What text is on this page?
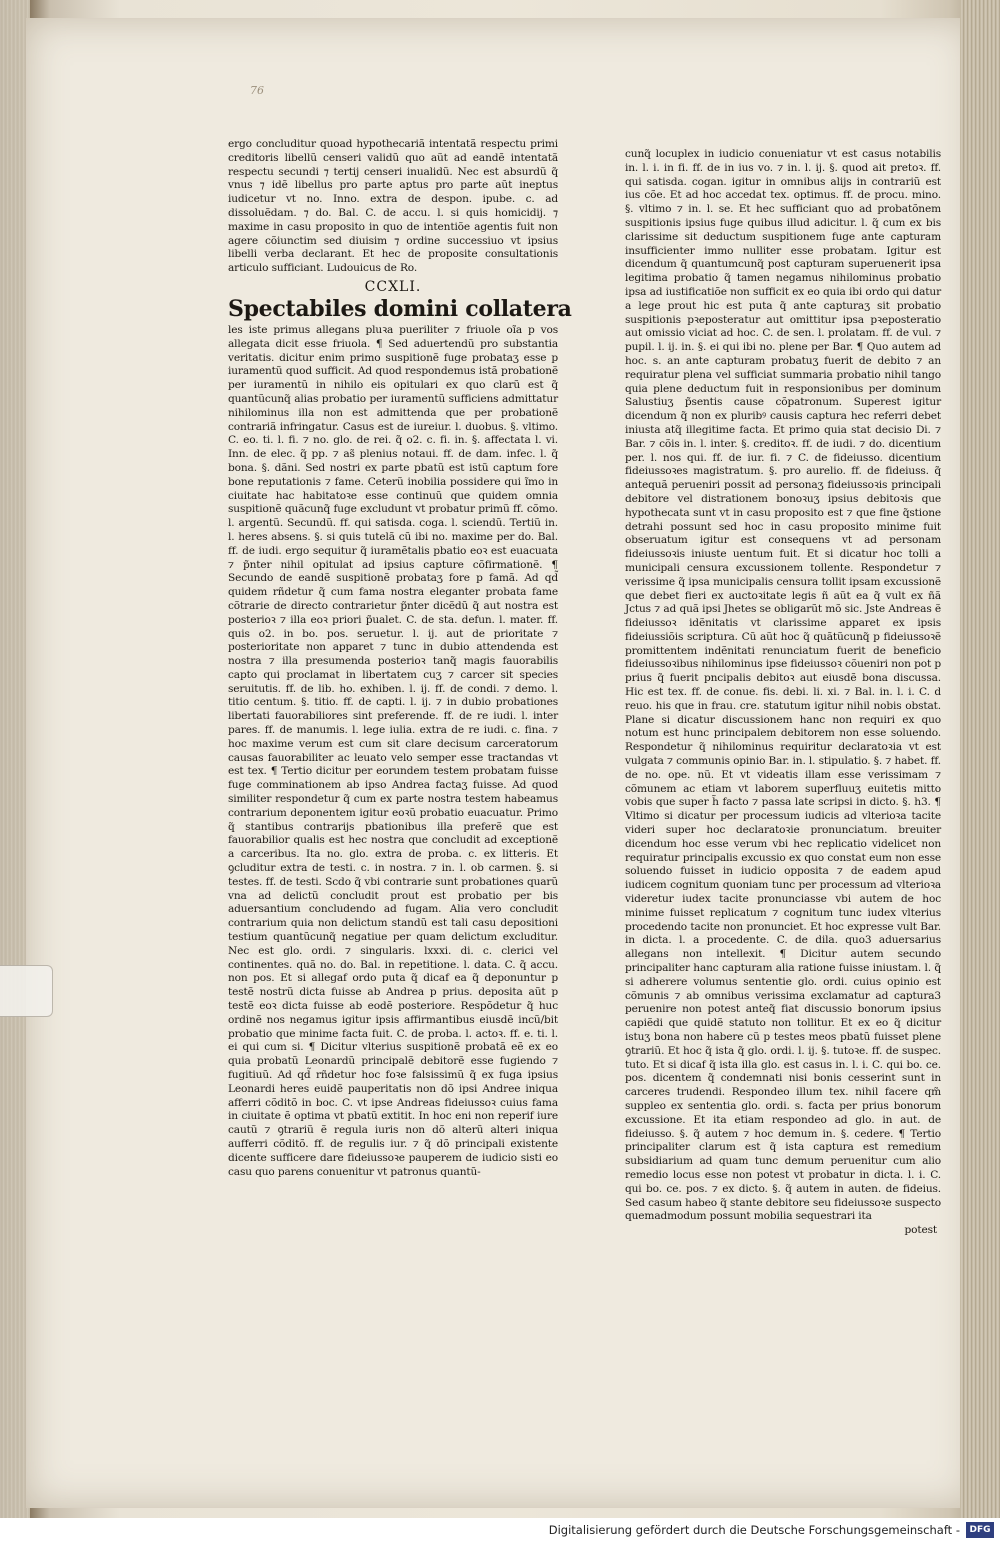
76

ergo concluditur quoad hypothecariã intentatã respectu primi creditoris libellũ censeri validũ quo aũt ad eandẽ intentatã respectu secundi ⁊ tertij censeri inualidũ. Nec est absurdũ q̃ vnus ⁊ idẽ libellus pro parte aptus pro parte aũt ineptus iudicetur vt no. Inno. extra de despon. ipube. c. ad dissoluẽdam. ⁊ do. Bal. C. de accu. l. si quis homicidij. ⁊ maxime in casu proposito in quo de intentiõe agentis fuit non agere cõiunctim sed diuisim ⁊ ordine successiuo vt ipsius libelli verba declarant. Et hec de proposite consultationis articulo sufficiant. Ludouicus de Ro.

CCXLI.
Spectabiles domini collatera

les iste primus allegans pluꝛa pueriliter ⁊ friuole oĩa p vos allegata dicit esse friuola. ¶ Sed aduertendũ pro substantia veritatis. dicitur enim primo suspitionẽ fuge probataʒ esse p iuramentũ quod sufficit. Ad quod respondemus istã probationẽ per iuramentũ in nihilo eis opitulari ex quo clarũ est q̃ quantũcunq̃ alias probatio per iuramentũ sufficiens admittatur nihilominus illa non est admittenda que per probationẽ contrariã infringatur. Casus est de iureiur. l. duobus. §. vltimo. C. eo. ti. l. fi. ⁊ no. glo. de rei. q̃ o2. c. fi. in. §. affectata l. vi. Inn. de elec. q̃ pp. ⁊ as̃ plenius notaui. ff. de dam. infec. l. q̃ bona. §. dãni. Sed nostri ex parte pbatũ est istũ captum fore bone reputationis ⁊ fame. Ceterũ inobilia possidere qui ĩmo in ciuitate hac habitatoꝛe esse continuũ que quidem omnia suspitionẽ quãcunq̃ fuge excludunt vt probatur primũ ff. cõmo. l. argentũ. Secundũ. ff. qui satisda. coga. l. sciendũ. Tertiũ in. l. heres absens. §. si quis tutelã cũ ibi no. maxime per do. Bal. ff. de iudi. ergo sequitur q̃ iuramẽtalis pbatio eoꝛ est euacuata ⁊ p̃nter nihil opitulat ad ipsius capture cõfirmationẽ. ¶ Secundo de eandẽ suspitionẽ probataʒ fore p famã. Ad qd̃ quidem rñdetur q̃ cum fama nostra eleganter probata fame cõtrarie de directo contrarietur p̃nter dicẽdũ q̃ aut nostra est posterioꝛ ⁊ illa eoꝛ priori p̃ualet. C. de sta. defun. l. mater. ff. quis o2. in bo. pos. seruetur. l. ij. aut de prioritate ⁊ posterioritate non apparet ⁊ tunc in dubio attendenda est nostra ⁊ illa presumenda posterioꝛ tanq̃ magis fauorabilis capto qui proclamat in libertatem cuʒ ⁊ carcer sit species seruitutis. ff. de lib. ho. exhiben. l. ij. ff. de condi. ⁊ demo. l. titio centum. §. titio. ff. de capti. l. ij. ⁊ in dubio probationes libertati fauorabiliores sint preferende. ff. de re iudi. l. inter pares. ff. de manumis. l. lege iulia. extra de re iudi. c. fina. ⁊ hoc maxime verum est cum sit clare decisum carceratorum causas fauorabiliter ac leuato velo semper esse tractandas vt est tex. ¶ Tertio dicitur per eorundem testem probatam fuisse fuge comminationem ab ipso Andrea factaʒ fuisse. Ad quod similiter respondetur q̃ cum ex parte nostra testem habeamus contrarium deponentem igitur eoꝛũ probatio euacuatur. Primo q̃ stantibus contrarijs pbationibus illa preferẽ que est fauorabilior qualis est hec nostra que concludit ad exceptionẽ a carceribus. Ita no. glo. extra de proba. c. ex litteris. Et ꝯcluditur extra de testi. c. in nostra. ⁊ in. l. ob carmen. §. si testes. ff. de testi. Scdo q̃ vbi contrarie sunt probationes quarũ vna ad delictũ concludit prout est probatio per bis aduersantium concludendo ad fugam. Alia vero concludit contrarium quia non delictum standũ est tali casu depositioni testium quantũcunq̃ negatiue per quam delictum excluditur. Nec est glo. ordi. ⁊ singularis. lxxxi. di. c. clerici vel continentes. quã no. do. Bal. in repetitione. l. data. C. q̃ accu. non pos. Et si allegaf ordo puta q̃ dicaf ea q̃ deponuntur p testẽ nostrũ dicta fuisse ab Andrea p prius. deposita aũt p testẽ eoꝛ dicta fuisse ab eodẽ posteriore. Respõdetur q̃ huc ordinẽ nos negamus igitur ipsis affirmantibus eiusdẽ incũ/bit probatio que minime facta fuit. C. de proba. l. actoꝛ. ff. e. ti. l. ei qui cum si. ¶ Dicitur vlterius suspitionẽ probatã eẽ ex eo quia probatũ Leonardũ principalẽ debitorẽ esse fugiendo ⁊ fugitiuũ. Ad qd̃ rñdetur hoc foꝛe falsissimũ q̃ ex fuga ipsius Leonardi heres euidẽ pauperitatis non dõ ipsi Andree iniqua afferri cõditõ in boc. C. vt ipse Andreas fideiussoꝛ cuius fama in ciuitate ẽ optima vt pbatũ extitit. In hoc eni non reperif iure cautũ ⁊ ꝯtrariũ ẽ regula iuris non dõ alterũ alteri iniqua aufferri cõditõ. ff. de regulis iur. ⁊ q̃ dõ principali existente dicente sufficere dare fideiussoꝛe pauperem de iudicio sisti eo casu quo parens conuenitur vt patronus quantũ-

cunq̃ locuplex in iudicio conueniatur vt est casus notabilis in. l. i. in fi. ff. de in ius vo. ⁊ in. l. ij. §. quod ait pretoꝛ. ff. qui satisda. cogan. igitur in omnibus alijs in contrariũ est ius cõe. Et ad hoc accedat tex. optimus. ff. de procu. mino. §. vltimo ⁊ in. l. se. Et hec sufficiant quo ad probatõnem suspitionis ipsius fuge quibus illud adicitur. l. q̃ cum ex bis clarissime sit deductum suspitionem fuge ante capturam insufficienter immo nulliter esse probatam. Igitur est dicendum q̃ quantumcunq̃ post capturam superuenerit ipsa legitima probatio q̃ tamen negamus nihilominus probatio ipsa ad iustificatiõe non sufficit ex eo quia ibi ordo qui datur a lege prout hic est puta q̃ ante capturaʒ sit probatio suspitionis pꝛeposteratur aut omittitur ipsa pꝛeposteratio aut omissio viciat ad hoc. C. de sen. l. prolatam. ff. de vul. ⁊ pupil. l. ij. in. §. ei qui ibi no. plene per Bar. ¶ Quo autem ad hoc. s. an ante capturam probatuʒ fuerit de debito ⁊ an requiratur plena vel sufficiat summaria probatio nihil tango quia plene deductum fuit in responsionibus per dominum Salustiuʒ p̃sentis cause cõpatronum. Superest igitur dicendum q̃ non ex pluribꝰ causis captura hec referri debet iniusta atq̃ illegitime facta. Et primo quia stat decisio Di. ⁊ Bar. ⁊ cõis in. l. inter. §. creditoꝛ. ff. de iudi. ⁊ do. dicentium per. l. nos qui. ff. de iur. fi. ⁊ C. de fideiusso. dicentium fideiussoꝛes magistratum. §. pro aurelio. ff. de fideiuss. q̃ antequã perueniri possit ad personaʒ fideiussoꝛis principali debitore vel distrationem bonoꝛuʒ ipsius debitoꝛis que hypothecata sunt vt in casu proposito est ⁊ que fine q̃stione detrahi possunt sed hoc in casu proposito minime fuit obseruatum igitur est consequens vt ad personam fideiussoꝛis iniuste uentum fuit. Et si dicatur hoc tolli a municipali censura excussionem tollente. Respondetur ⁊ verissime q̃ ipsa municipalis censura tollit ipsam excussionẽ que debet fieri ex auctoꝛitate legis ñ aũt ea q̃ vult ex ñã Jctus ⁊ ad quã ipsi Jhetes se obligarũt mõ sic. Jste Andreas ẽ fideiussoꝛ idẽnitatis vt clarissime apparet ex ipsis fideiussiõis scriptura. Cũ aũt hoc q̃ quãtũcunq̃ p fideiussoꝛẽ promittentem indẽnitati renunciatum fuerit de beneficio fideiussoꝛibus nihilominus ipse fideiussoꝛ cõueniri non pot p prius q̃ fuerit pncipalis debitoꝛ aut eiusdẽ bona discussa. Hic est tex. ff. de conue. fis. debi. li. xi. ⁊ Bal. in. l. i. C. d reuo. his que in frau. cre. statutum igitur nihil nobis obstat. Plane si dicatur discussionem hanc non requiri ex quo notum est hunc principalem debitorem non esse soluendo. Respondetur q̃ nihilominus requiritur declaratoꝛia vt est vulgata ⁊ communis opinio Bar. in. l. stipulatio. §. ⁊ habet. ff. de no. ope. nũ. Et vt videatis illam esse verissimam ⁊ cõmunem ac etiam vt laborem superfluuʒ euitetis mitto vobis que super h̃ facto ⁊ passa late scripsi in dicto. §. h3. ¶ Vltimo si dicatur per processum iudicis ad vlterioꝛa tacite videri super hoc declaratoꝛie pronunciatum. breuiter dicendum hoc esse verum vbi hec replicatio videlicet non requiratur principalis excussio ex quo constat eum non esse soluendo fuisset in iudicio opposita ⁊ de eadem apud iudicem cognitum quoniam tunc per processum ad vlterioꝛa videretur iudex tacite pronunciasse vbi autem de hoc minime fuisset replicatum ⁊ cognitum tunc iudex vlterius procedendo tacite non pronunciet. Et hoc expresse vult Bar. in dicta. l. a procedente. C. de dila. quo3 aduersarius allegans non intellexit. ¶ Dicitur autem secundo principaliter hanc capturam alia ratione fuisse iniustam. l. q̃ si adherere volumus sententie glo. ordi. cuius opinio est cõmunis ⁊ ab omnibus verissima exclamatur ad captura3 peruenire non potest anteq̃ fiat discussio bonorum ipsius capiẽdi que quidẽ statuto non tollitur. Et ex eo q̃ dicitur istuʒ bona non habere cũ p testes meos pbatũ fuisset plene ꝯtrariũ. Et hoc q̃ ista q̃ glo. ordi. l. ij. §. tutoꝛe. ff. de suspec. tuto. Et si dicaf q̃ ista illa glo. est casus in. l. i. C. qui bo. ce. pos. dicentem q̃ condemnati nisi bonis cesserint sunt in carceres trudendi. Respondeo illum tex. nihil facere qm̃ suppleo ex sententia glo. ordi. s. facta per prius bonorum excussione. Et ita etiam respondeo ad glo. in aut. de fideiusso. §. q̃ autem ⁊ hoc demum in. §. cedere. ¶ Tertio principaliter clarum est q̃ ista captura est remedium subsidiarium ad quam tunc demum peruenitur cum alio remedio locus esse non potest vt probatur in dicta. l. i. C. qui bo. ce. pos. ⁊ ex dicto. §. q̃ autem in auten. de fideius. Sed casum habeo q̃ stante debitore seu fideiussoꝛe suspecto quemadmodum possunt mobilia sequestrari ita

potest
Digitalisierung gefördert durch die Deutsche Forschungsgemeinschaft -	DFG
